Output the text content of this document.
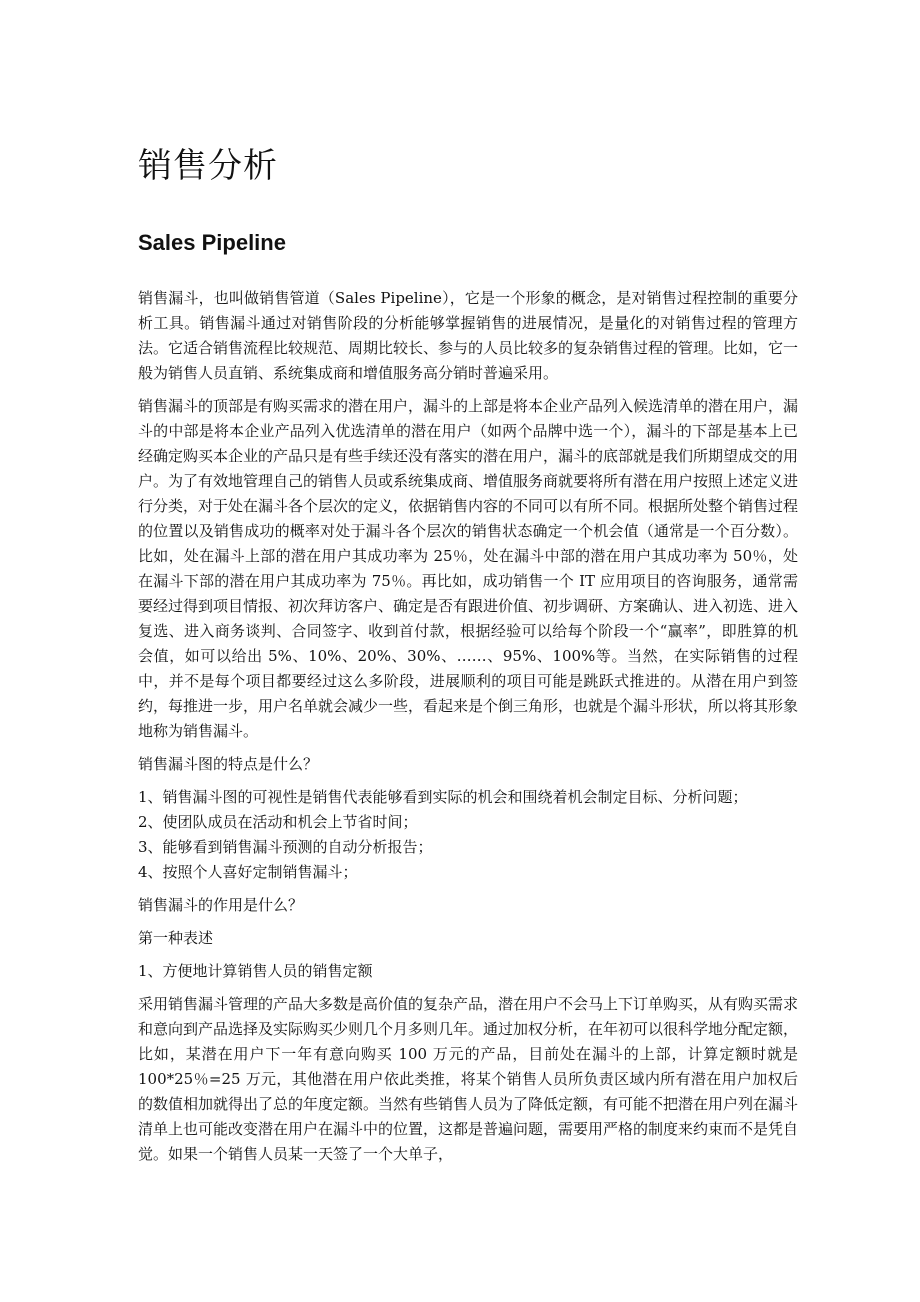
销售分析
Sales Pipeline

销售漏斗，也叫做销售管道（Sales Pipeline），它是一个形象的概念，是对销售过程控制的重要分析工具。销售漏斗通过对销售阶段的分析能够掌握销售的进展情况，是量化的对销售过程的管理方法。它适合销售流程比较规范、周期比较长、参与的人员比较多的复杂销售过程的管理。比如，它一般为销售人员直销、系统集成商和增值服务高分销时普遍采用。

销售漏斗的顶部是有购买需求的潜在用户，漏斗的上部是将本企业产品列入候选清单的潜在用户，漏斗的中部是将本企业产品列入优选清单的潜在用户（如两个品牌中选一个），漏斗的下部是基本上已经确定购买本企业的产品只是有些手续还没有落实的潜在用户，漏斗的底部就是我们所期望成交的用户。为了有效地管理自己的销售人员或系统集成商、增值服务商就要将所有潜在用户按照上述定义进行分类，对于处在漏斗各个层次的定义，依据销售内容的不同可以有所不同。根据所处整个销售过程的位置以及销售成功的概率对处于漏斗各个层次的销售状态确定一个机会值（通常是一个百分数）。比如，处在漏斗上部的潜在用户其成功率为 25％，处在漏斗中部的潜在用户其成功率为 50％，处在漏斗下部的潜在用户其成功率为 75％。再比如，成功销售一个 IT 应用项目的咨询服务，通常需要经过得到项目情报、初次拜访客户、确定是否有跟进价值、初步调研、方案确认、进入初选、进入复选、进入商务谈判、合同签字、收到首付款，根据经验可以给每个阶段一个“赢率”，即胜算的机会值，如可以给出 5%、10%、20%、30%、……、95%、100%等。当然，在实际销售的过程中，并不是每个项目都要经过这么多阶段，进展顺利的项目可能是跳跃式推进的。从潜在用户到签约，每推进一步，用户名单就会减少一些，看起来是个倒三角形，也就是个漏斗形状，所以将其形象地称为销售漏斗。

销售漏斗图的特点是什么？

1、销售漏斗图的可视性是销售代表能够看到实际的机会和围绕着机会制定目标、分析问题；
2、使团队成员在活动和机会上节省时间；
3、能够看到销售漏斗预测的自动分析报告；
4、按照个人喜好定制销售漏斗；

销售漏斗的作用是什么？

第一种表述

1、方便地计算销售人员的销售定额

采用销售漏斗管理的产品大多数是高价值的复杂产品，潜在用户不会马上下订单购买，从有购买需求和意向到产品选择及实际购买少则几个月多则几年。通过加权分析，在年初可以很科学地分配定额，比如，某潜在用户下一年有意向购买 100 万元的产品，目前处在漏斗的上部，计算定额时就是 100*25％=25 万元，其他潜在用户依此类推，将某个销售人员所负责区域内所有潜在用户加权后的数值相加就得出了总的年度定额。当然有些销售人员为了降低定额，有可能不把潜在用户列在漏斗清单上也可能改变潜在用户在漏斗中的位置，这都是普遍问题，需要用严格的制度来约束而不是凭自觉。如果一个销售人员某一天签了一个大单子，
